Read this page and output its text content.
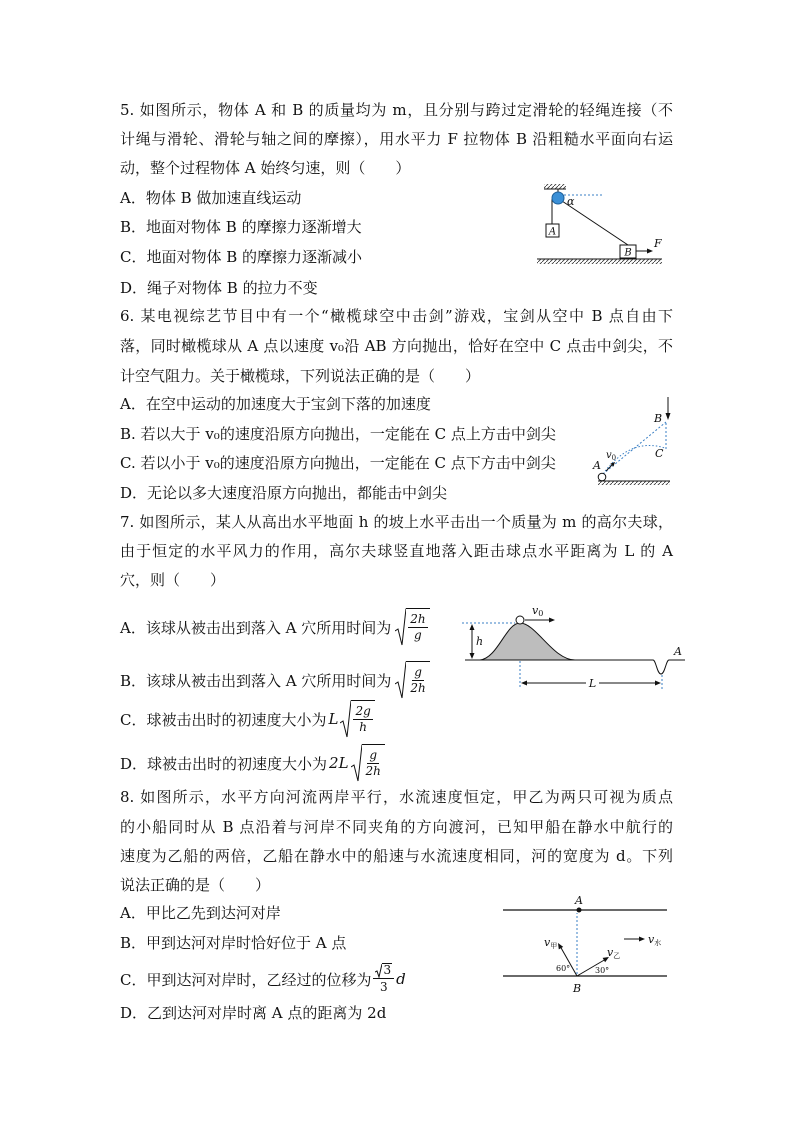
5. 如图所示，物体 A 和 B 的质量均为 m，且分别与跨过定滑轮的轻绳连接（不
计绳与滑轮、滑轮与轴之间的摩擦），用水平力 F 拉物体 B 沿粗糙水平面向右运
动，整个过程物体 A 始终匀速，则（　　）
A．物体 B 做加速直线运动
B．地面对物体 B 的摩擦力逐渐增大
C．地面对物体 B 的摩擦力逐渐减小
D．绳子对物体 B 的拉力不变
α
A
B
F
6. 某电视综艺节目中有一个“橄榄球空中击剑”游戏，宝剑从空中 B 点自由下
落，同时橄榄球从 A 点以速度 v₀沿 AB 方向抛出，恰好在空中 C 点击中剑尖，不
计空气阻力。关于橄榄球，下列说法正确的是（　　）
A．在空中运动的加速度大于宝剑下落的加速度
B. 若以大于 v₀的速度沿原方向抛出，一定能在 C 点上方击中剑尖
C. 若以小于 v₀的速度沿原方向抛出，一定能在 C 点下方击中剑尖
D．无论以多大速度沿原方向抛出，都能击中剑尖
B
C
$v_0$
A
7. 如图所示，某人从高出水平地面 h 的坡上水平击出一个质量为 m 的高尔夫球，
由于恒定的水平风力的作用，高尔夫球竖直地落入距击球点水平距离为 L 的 A
穴，则（　　）
A．该球从被击出到落入 A 穴所用时间为 $\frac{2h}{g}$
B．该球从被击出到落入 A 穴所用时间为 $\frac{g}{2h}$
C．球被击出时的初速度大小为 L $\frac{2g}{h}$
D．球被击出时的初速度大小为 $2L \frac{g}{2h}$
v0
h
A
L
8. 如图所示，水平方向河流两岸平行，水流速度恒定，甲乙为两只可视为质点
的小船同时从 B 点沿着与河岸不同夹角的方向渡河，已知甲船在静水中航行的
速度为乙船的两倍，乙船在静水中的船速与水流速度相同，河的宽度为 d。下列
说法正确的是（　　）
A．甲比乙先到达河对岸
B．甲到达河对岸时恰好位于 A 点
C．甲到达河对岸时，乙经过的位移为 $\frac{3}{3}$ d
D．乙到达河对岸时离 A 点的距离为 2d
A
v甲
60°
v乙
30°
v水
B
